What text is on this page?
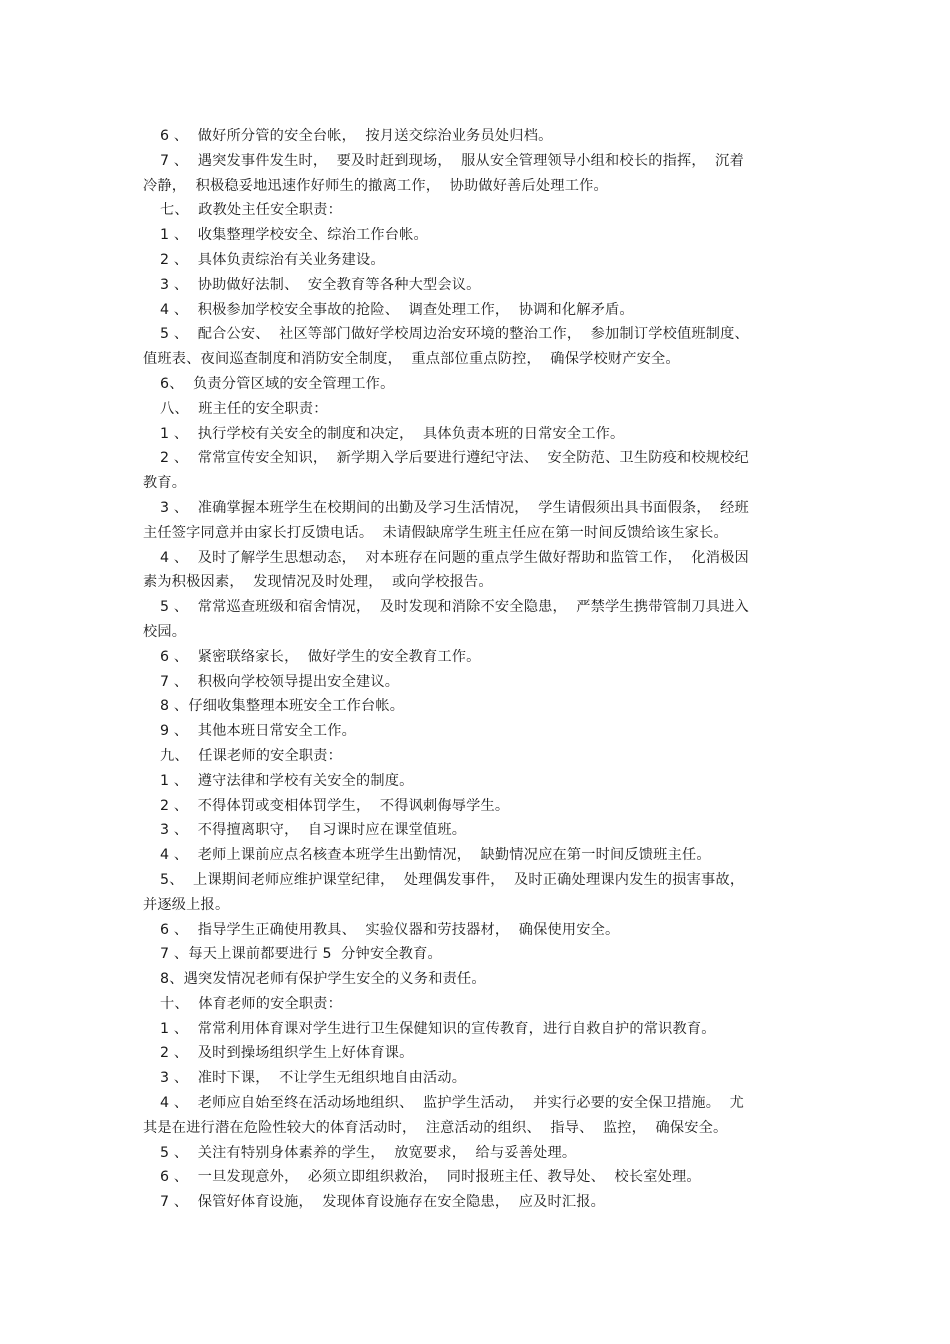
6 、  做好所分管的安全台帐，  按月送交综治业务员处归档。
7 、  遇突发事件发生时，  要及时赶到现场，  服从安全管理领导小组和校长的指挥，  沉着
冷静，  积极稳妥地迅速作好师生的撤离工作，  协助做好善后处理工作。
七、  政教处主任安全职责：
1 、  收集整理学校安全、综治工作台帐。
2 、  具体负责综治有关业务建设。
3 、  协助做好法制、  安全教育等各种大型会议。
4 、  积极参加学校安全事故的抢险、  调查处理工作，  协调和化解矛盾。
5 、  配合公安、  社区等部门做好学校周边治安环境的整治工作，  参加制订学校值班制度、
值班表、夜间巡查制度和消防安全制度，  重点部位重点防控，  确保学校财产安全。
6、  负责分管区域的安全管理工作。
八、  班主任的安全职责：
1 、  执行学校有关安全的制度和决定，  具体负责本班的日常安全工作。
2 、  常常宣传安全知识，  新学期入学后要进行遵纪守法、  安全防范、卫生防疫和校规校纪
教育。
3 、  准确掌握本班学生在校期间的出勤及学习生活情况，  学生请假须出具书面假条，  经班
主任签字同意并由家长打反馈电话。  未请假缺席学生班主任应在第一时间反馈给该生家长。
4 、  及时了解学生思想动态，  对本班存在问题的重点学生做好帮助和监管工作，  化消极因
素为积极因素，  发现情况及时处理，  或向学校报告。
5 、  常常巡查班级和宿舍情况，  及时发现和消除不安全隐患，  严禁学生携带管制刀具进入
校园。
6 、  紧密联络家长，  做好学生的安全教育工作。
7 、  积极向学校领导提出安全建议。
8 、仔细收集整理本班安全工作台帐。
9 、  其他本班日常安全工作。
九、  任课老师的安全职责：
1 、  遵守法律和学校有关安全的制度。
2 、  不得体罚或变相体罚学生，  不得讽刺侮辱学生。
3 、  不得擅离职守，  自习课时应在课堂值班。
4 、  老师上课前应点名核查本班学生出勤情况，  缺勤情况应在第一时间反馈班主任。
5、  上课期间老师应维护课堂纪律，  处理偶发事件，  及时正确处理课内发生的损害事故，
并逐级上报。
6 、  指导学生正确使用教具、  实验仪器和劳技器材，  确保使用安全。
7 、每天上课前都要进行 5  分钟安全教育。
8、遇突发情况老师有保护学生安全的义务和责任。
十、  体育老师的安全职责：
1 、  常常利用体育课对学生进行卫生保健知识的宣传教育，进行自救自护的常识教育。
2 、  及时到操场组织学生上好体育课。
3 、  准时下课，  不让学生无组织地自由活动。
4 、  老师应自始至终在活动场地组织、  监护学生活动，  并实行必要的安全保卫措施。  尤
其是在进行潜在危险性较大的体育活动时，  注意活动的组织、  指导、  监控，  确保安全。
5 、  关注有特别身体素养的学生，  放宽要求，  给与妥善处理。
6 、  一旦发现意外，  必须立即组织救治，  同时报班主任、教导处、  校长室处理。
7 、  保管好体育设施，  发现体育设施存在安全隐患，  应及时汇报。
